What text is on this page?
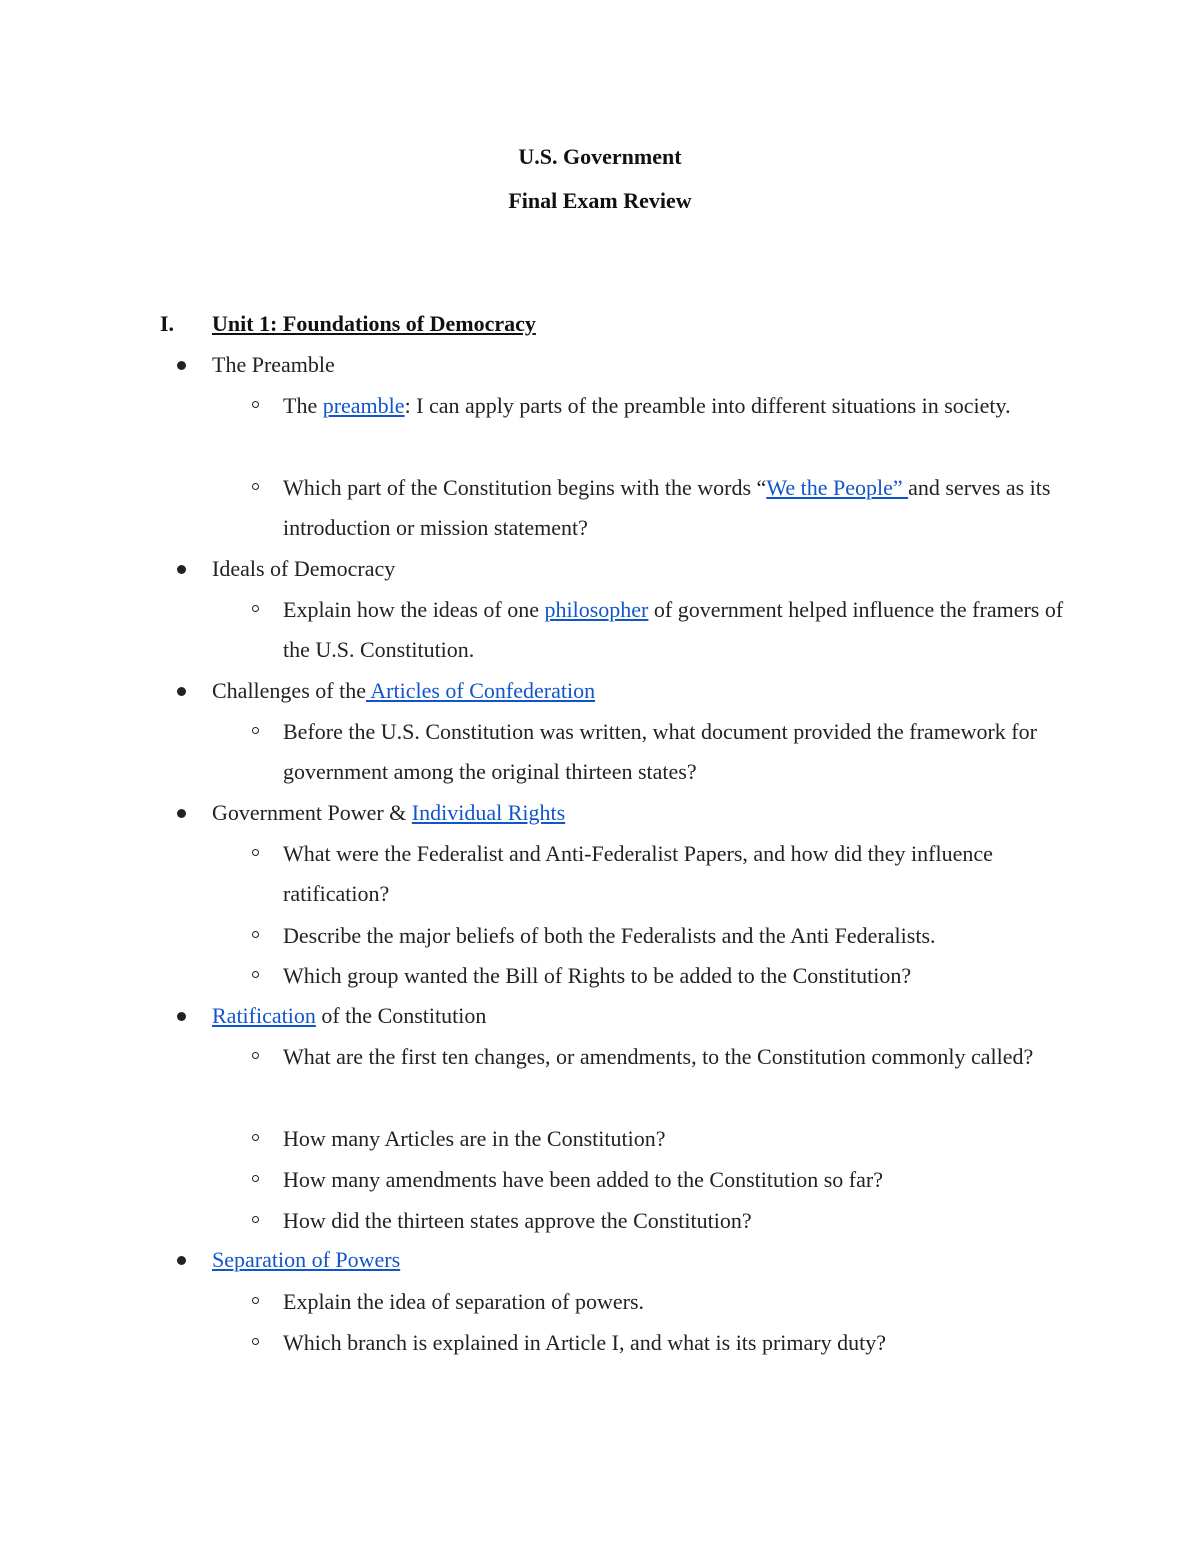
U.S. Government
Final Exam Review
I. Unit 1: Foundations of Democracy
The Preamble
The preamble: I can apply parts of the preamble into different situations in society.
Which part of the Constitution begins with the words “We the People” and serves as its introduction or mission statement?
Ideals of Democracy
Explain how the ideas of one philosopher of government helped influence the framers of the U.S. Constitution.
Challenges of the Articles of Confederation
Before the U.S. Constitution was written, what document provided the framework for government among the original thirteen states?
Government Power & Individual Rights
What were the Federalist and Anti-Federalist Papers, and how did they influence ratification?
Describe the major beliefs of both the Federalists and the Anti Federalists.
Which group wanted the Bill of Rights to be added to the Constitution?
Ratification of the Constitution
What are the first ten changes, or amendments, to the Constitution commonly called?
How many Articles are in the Constitution?
How many amendments have been added to the Constitution so far?
How did the thirteen states approve the Constitution?
Separation of Powers
Explain the idea of separation of powers.
Which branch is explained in Article I, and what is its primary duty?
